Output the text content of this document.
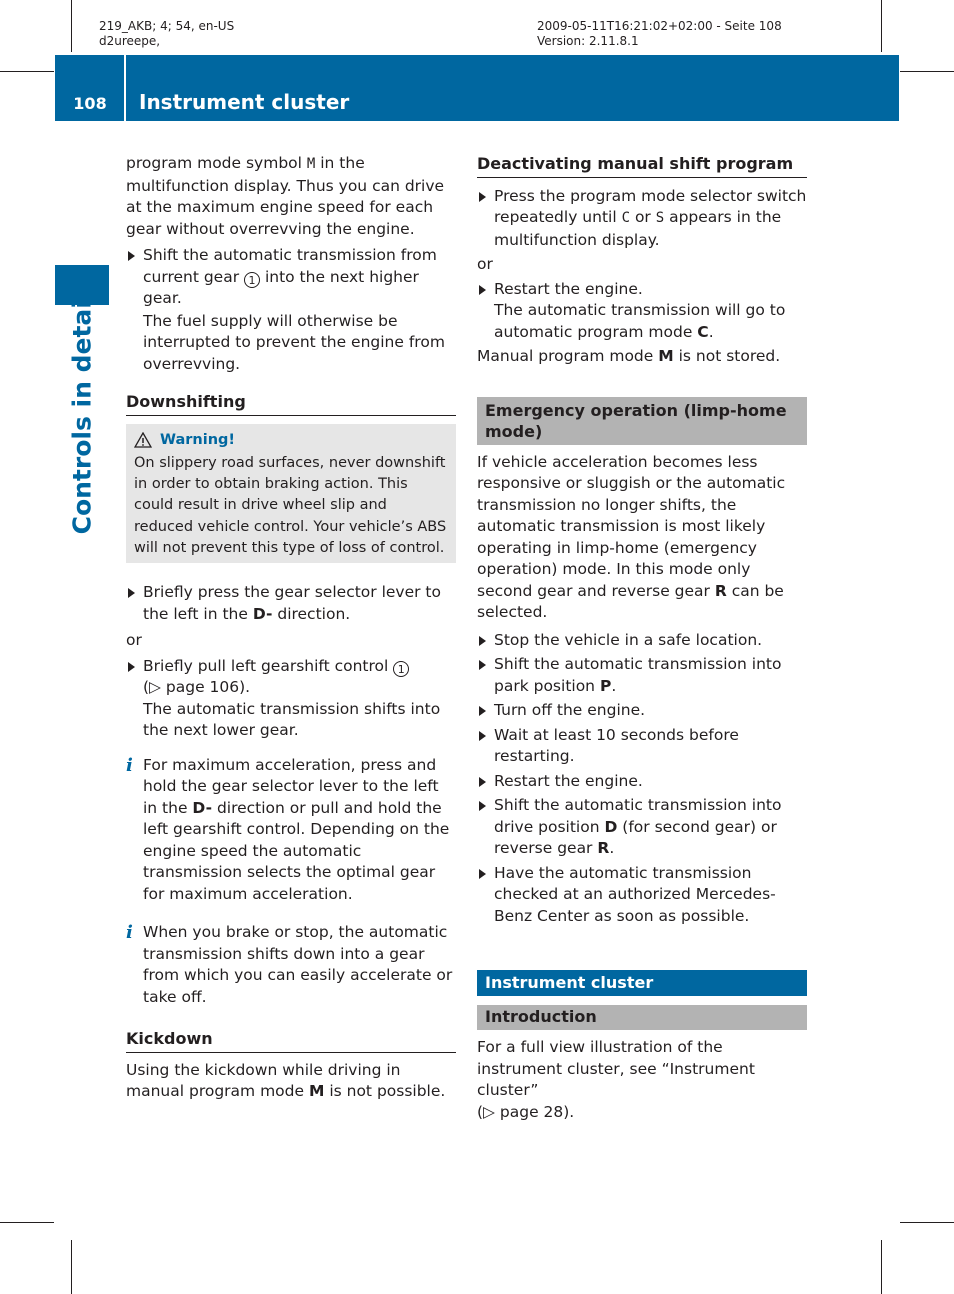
219_AKB; 4; 54, en-US
d2ureepe,
2009-05-11T16:21:02+02:00 - Seite 108
Version: 2.11.8.1
108	Instrument cluster
Controls in detail

program mode symbol M in the multifunction display. Thus you can drive at the maximum engine speed for each gear without overrevving the engine.

Shift the automatic transmission from current gear 1 into the next higher gear.

The fuel supply will otherwise be interrupted to prevent the engine from overrevving.

Downshifting
Warning!

On slippery road surfaces, never downshift in order to obtain braking action. This could result in drive wheel slip and reduced vehicle control. Your vehicle’s ABS will not prevent this type of loss of control.

Briefly press the gear selector lever to the left in the D- direction.

or

Briefly pull left gearshift control 1

(▷ page 106).

The automatic transmission shifts into the next lower gear.

i For maximum acceleration, press and hold the gear selector lever to the left in the D- direction or pull and hold the left gearshift control. Depending on the engine speed the automatic transmission selects the optimal gear for maximum acceleration.

i When you brake or stop, the automatic transmission shifts down into a gear from which you can easily accelerate or take off.

Kickdown

Using the kickdown while driving in manual program mode M is not possible.

Deactivating manual shift program

Press the program mode selector switch repeatedly until C or S appears in the multifunction display.

or

Restart the engine.

The automatic transmission will go to automatic program mode C.

Manual program mode M is not stored.

Emergency operation (limp-home mode)

If vehicle acceleration becomes less responsive or sluggish or the automatic transmission no longer shifts, the automatic transmission is most likely operating in limp-home (emergency operation) mode. In this mode only second gear and reverse gear R can be selected.

Stop the vehicle in a safe location.

Shift the automatic transmission into park position P.

Turn off the engine.

Wait at least 10 seconds before restarting.

Restart the engine.

Shift the automatic transmission into drive position D (for second gear) or reverse gear R.

Have the automatic transmission checked at an authorized Mercedes-Benz Center as soon as possible.

Instrument cluster
Introduction

For a full view illustration of the instrument cluster, see “Instrument cluster”

(▷ page 28).
